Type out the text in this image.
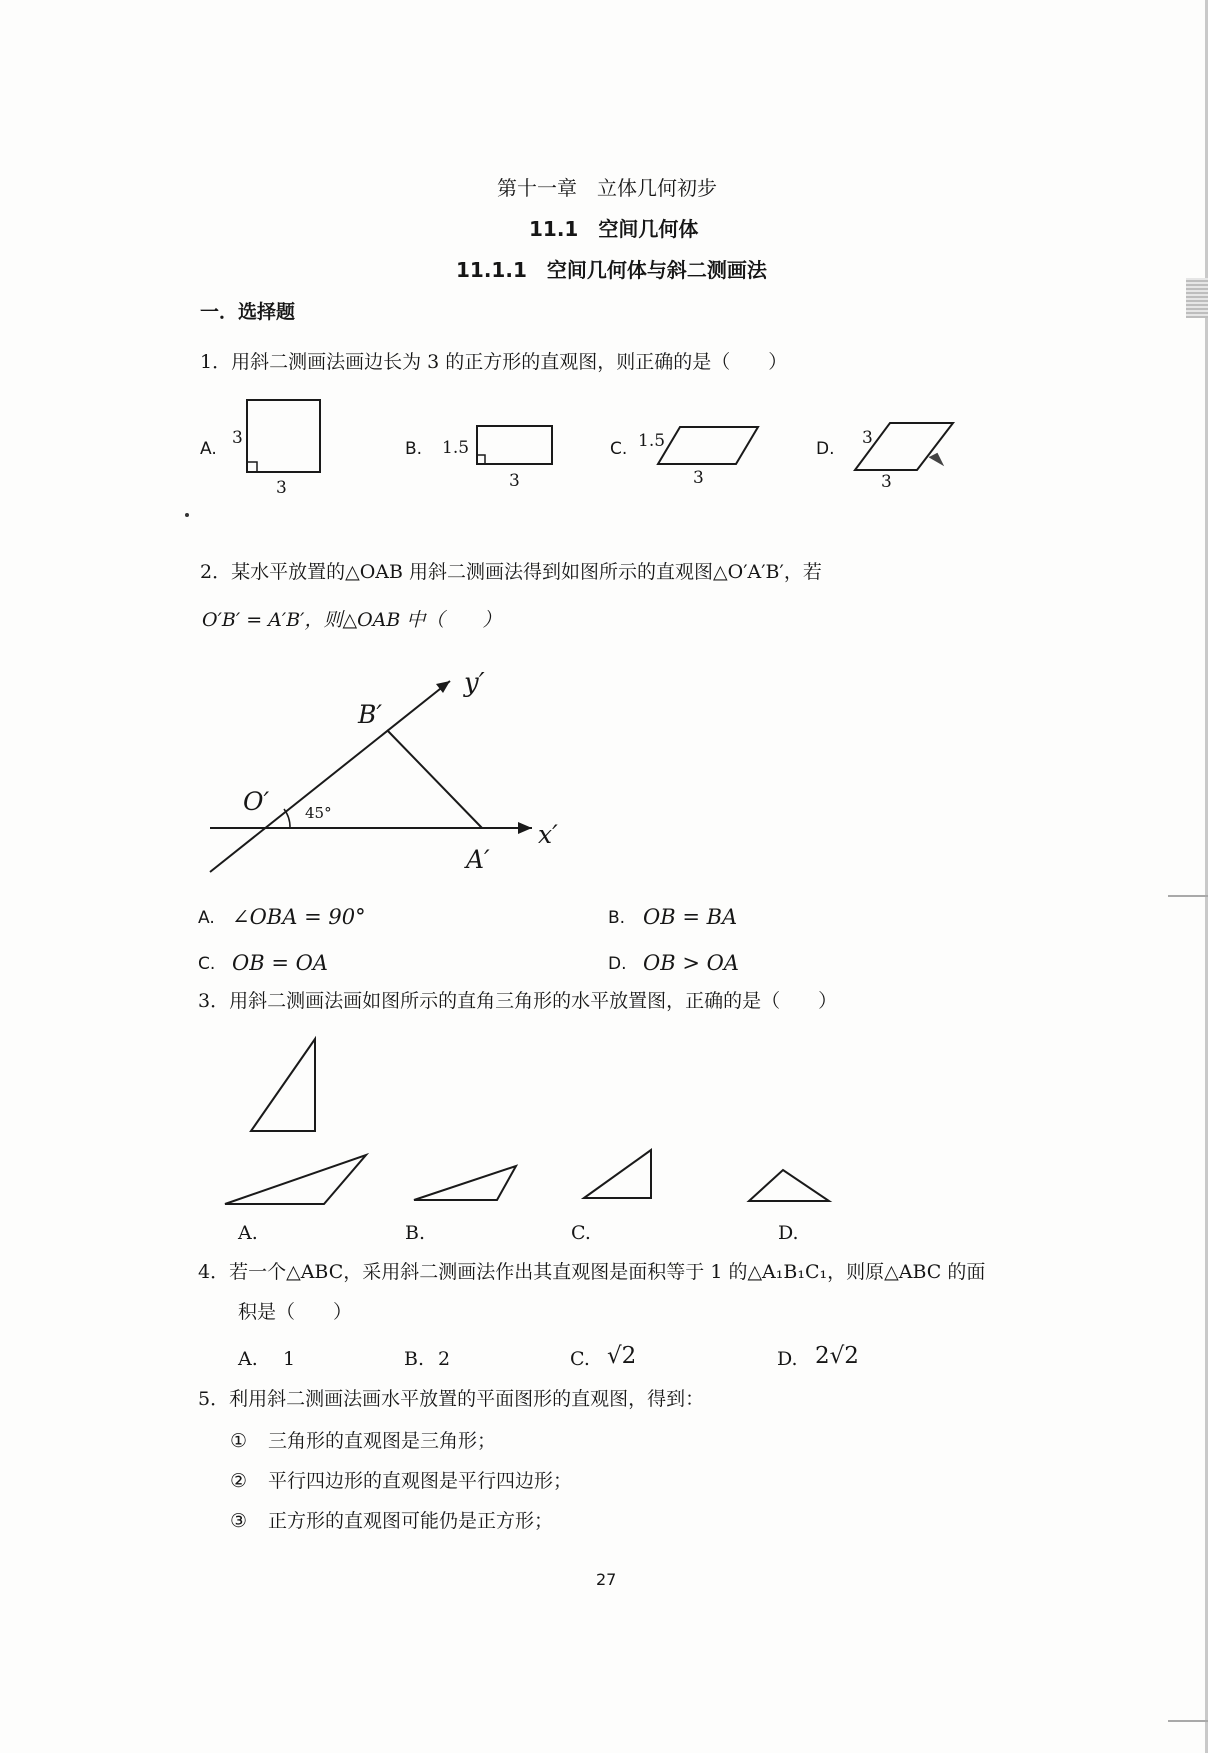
第十一章　立体几何初步
11.1　空间几何体
11.1.1　空间几何体与斜二测画法
一．选择题
1．用斜二测画法画边长为 3 的正方形的直观图，则正确的是（　　）
A.
3
3
B. 1.5
3
C. 1.5
3
D.
3
3
2．某水平放置的△OAB 用斜二测画法得到如图所示的直观图△O′A′B′，若
O′B′ = A′B′，则△OAB 中（　　）
y′
B′
O′ 45°
A′
x′
A. ∠OBA = 90°	B. OB = BA
C. OB = OA	D. OB > OA
3．用斜二测画法画如图所示的直角三角形的水平放置图，正确的是（　　）
A.	B.	C.	D.
4．若一个△ABC，采用斜二测画法作出其直观图是面积等于 1 的△A₁B₁C₁，则原△ABC 的面
积是（　　）
A. 1	B. 2	C. √2	D. 2√2
5．利用斜二测画法画水平放置的平面图形的直观图，得到：
① 三角形的直观图是三角形；
② 平行四边形的直观图是平行四边形；
③ 正方形的直观图可能仍是正方形；
27
